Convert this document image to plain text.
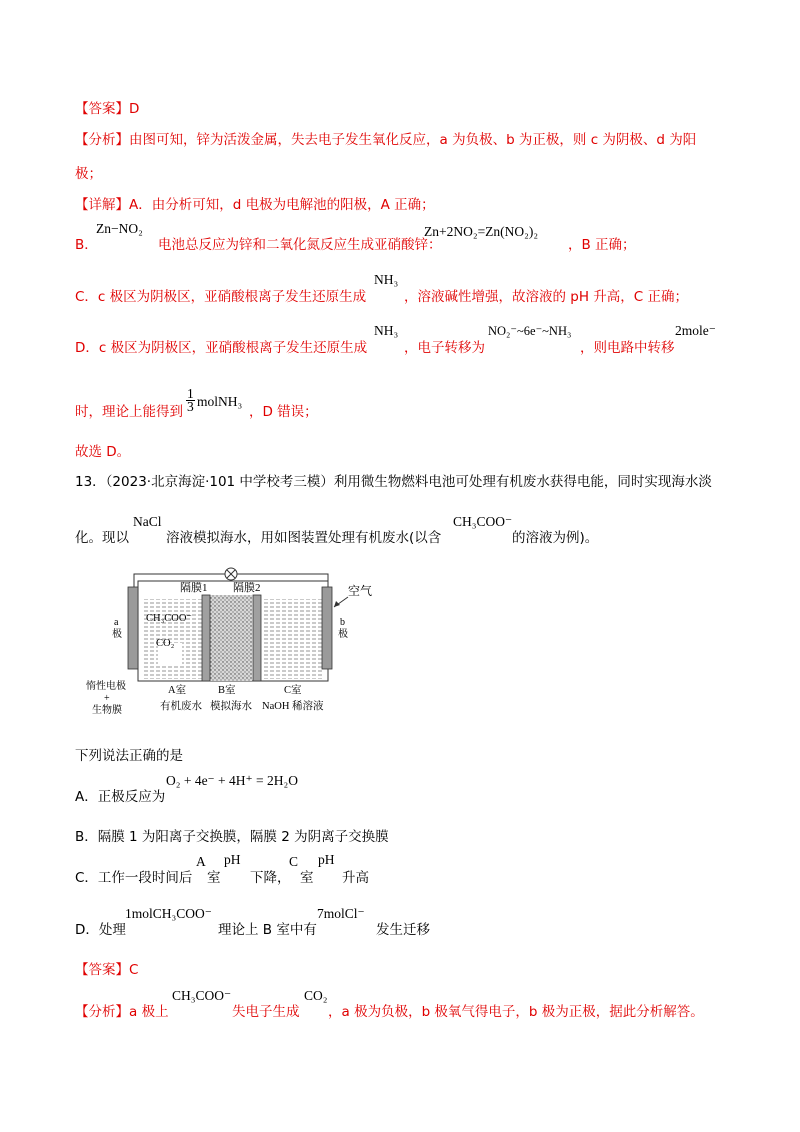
【答案】D
【分析】由图可知，锌为活泼金属，失去电子发生氧化反应，a 为负极、b 为正极，则 c 为阴极、d 为阳
极；
【详解】A．由分析可知，d 电极为电解池的阳极，A 正确；
B．
Zn−NO₂
电池总反应为锌和二氧化氮反应生成亚硝酸锌：
Zn+2NO₂=Zn(NO₂)₂
，B 正确；
C．c 极区为阴极区，亚硝酸根离子发生还原生成
NH₃
，溶液碱性增强，故溶液的 pH 升高，C 正确；
D．c 极区为阴极区，亚硝酸根离子发生还原生成
NH₃
，电子转移为
NO₂⁻~6e⁻~NH₃
，则电路中转移
2mole⁻
时，理论上能得到 $\frac{1}{3}$ molNH₃
，D 错误；
故选 D。
13．（2023·北京海淀·101 中学校考三模）利用微生物燃料电池可处理有机废水获得电能，同时实现海水淡
化。现以
NaCl
溶液模拟海水，用如图装置处理有机废水(以含
CH₃COO⁻
的溶液为例)。
隔膜1 隔膜2	空气
a
极
b
极
CH₃COO⁻
CO₂
惰性电极
+
生物膜
A室
有机废水
B室
模拟海水
C室
NaOH 稀溶液
下列说法正确的是
A．正极反应为
O₂ + 4e⁻ + 4H⁺ = 2H₂O
B．隔膜 1 为阳离子交换膜，隔膜 2 为阴离子交换膜
C．工作一段时间后
A
室
pH
下降，
C
室
pH
升高
D．处理
1molCH₃COO⁻
理论上 B 室中有
7molCl⁻
发生迁移
【答案】C
【分析】a 极上
CH₃COO⁻
失电子生成
CO₂
，a 极为负极，b 极氧气得电子，b 极为正极，据此分析解答。
